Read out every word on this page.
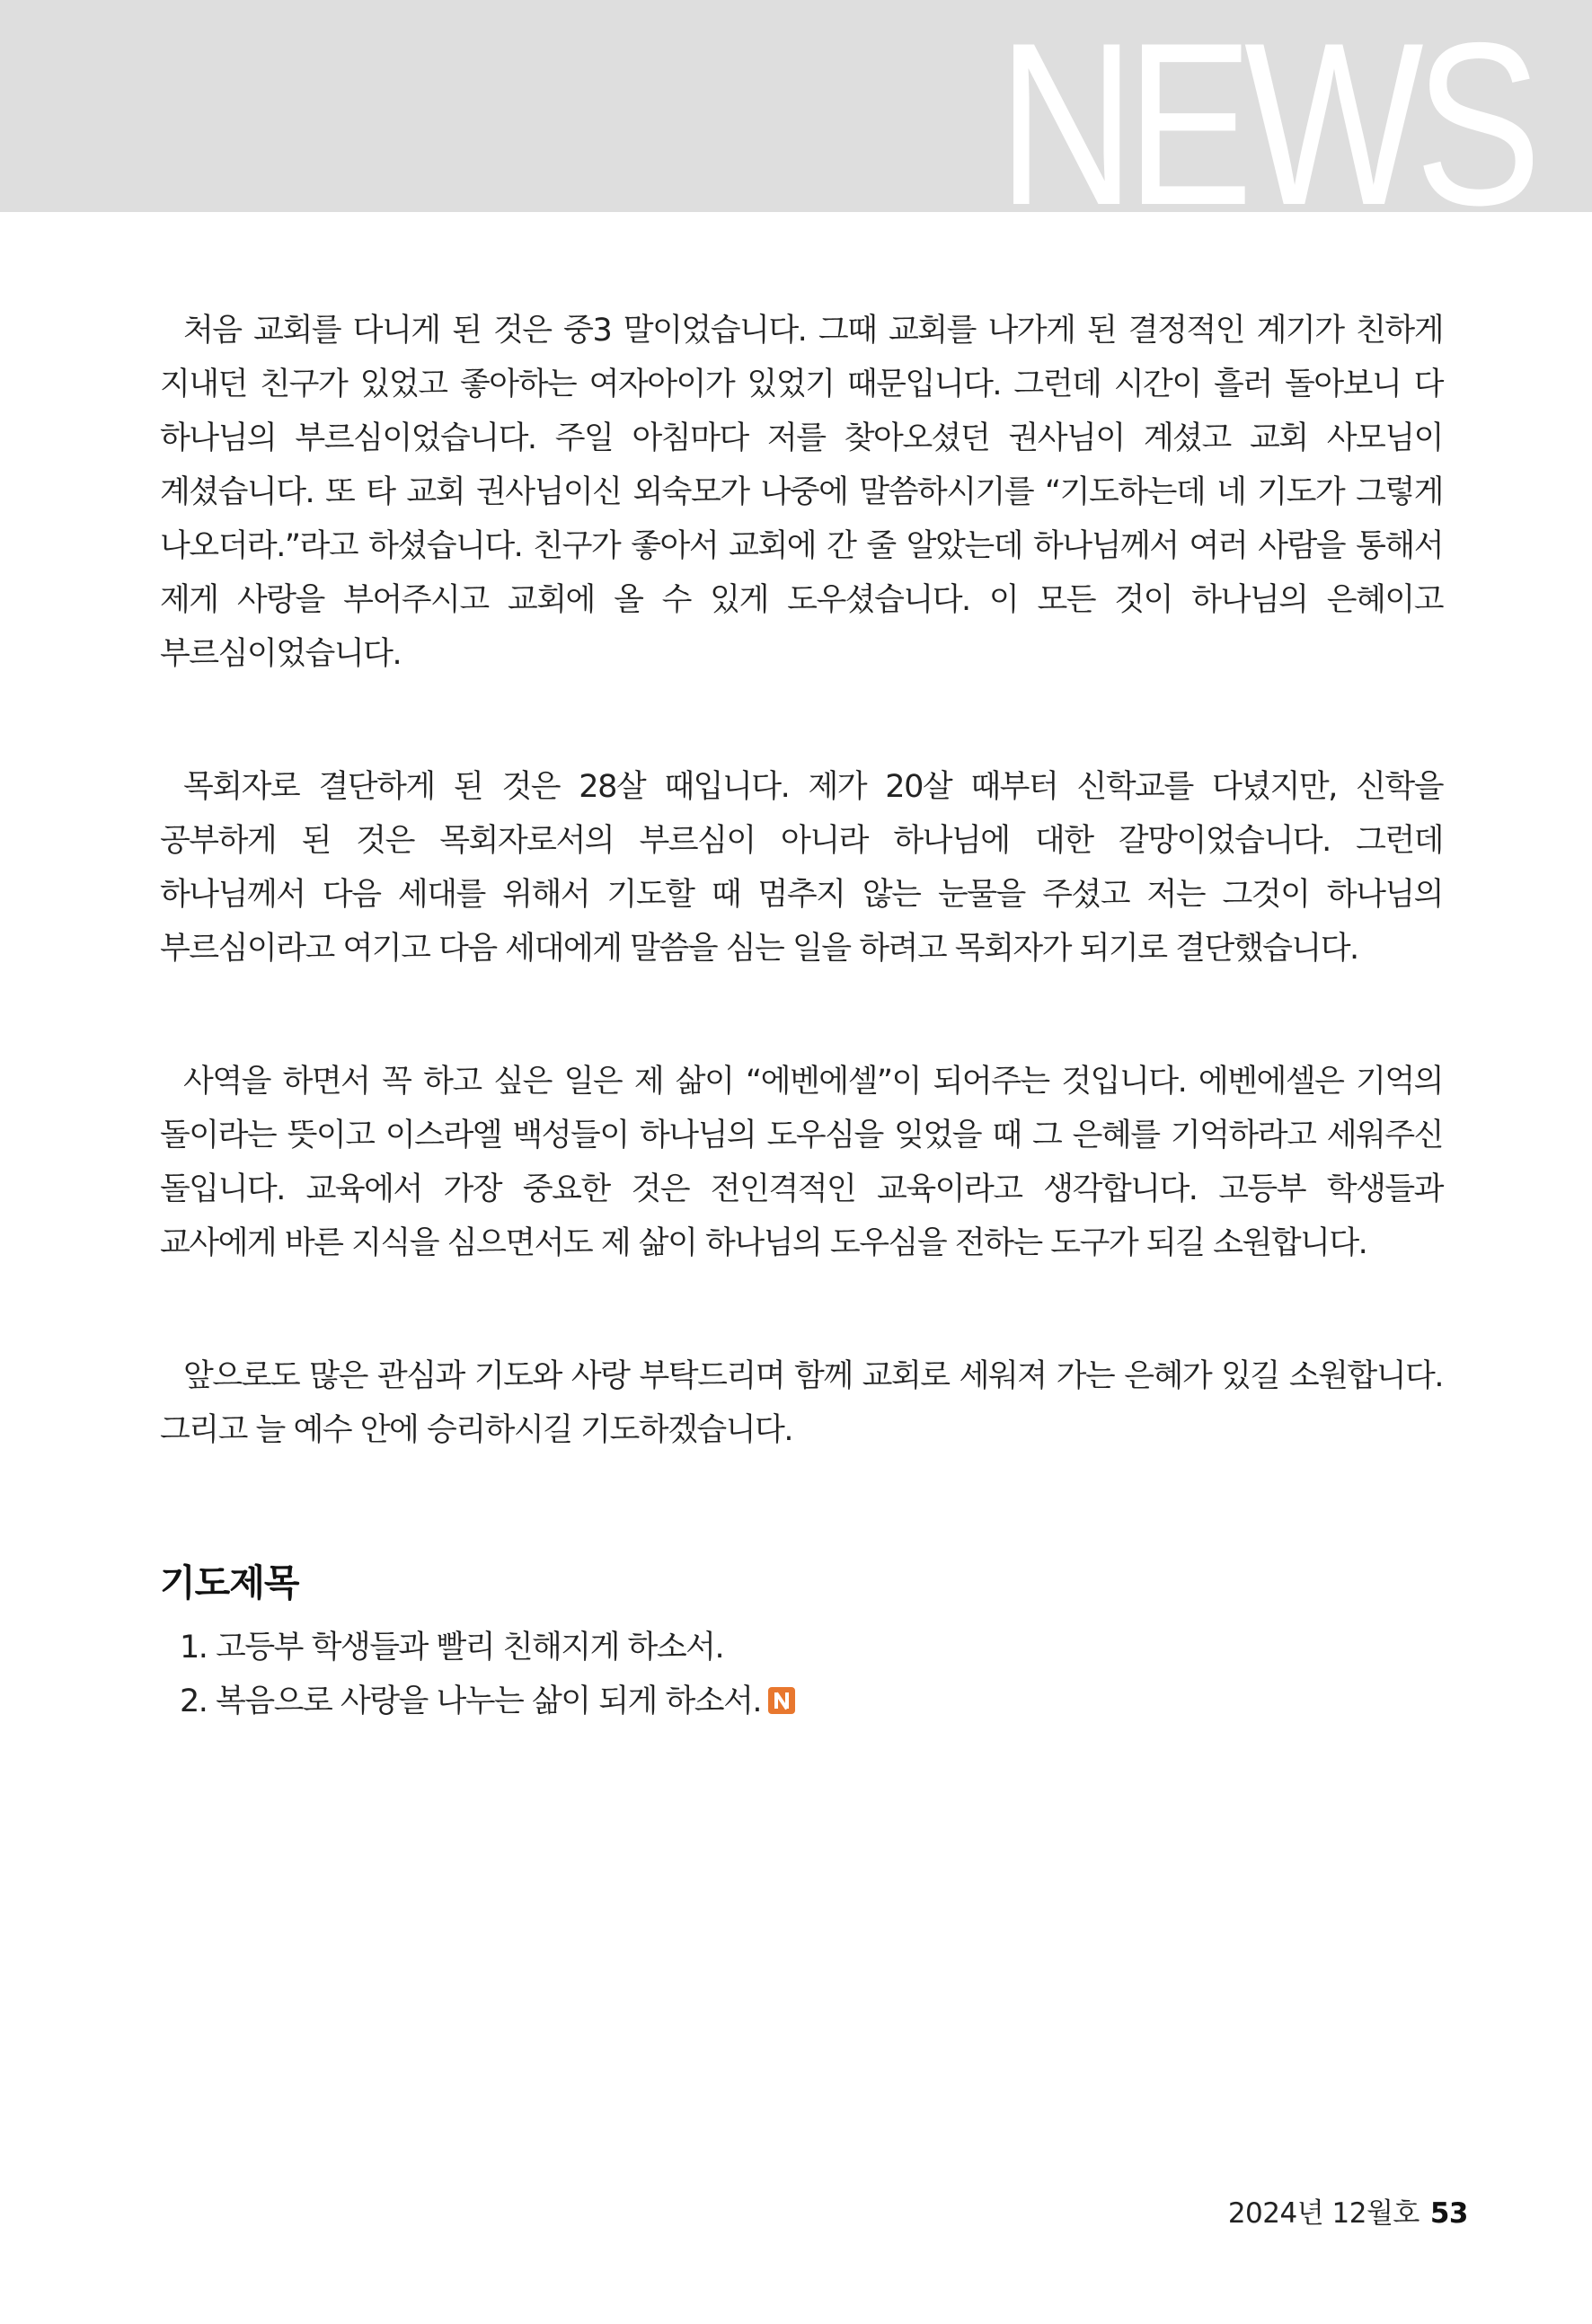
NEWS

처음 교회를 다니게 된 것은 중3 말이었습니다. 그때 교회를 나가게 된 결정적인 계기가 친하게 지내던 친구가 있었고 좋아하는 여자아이가 있었기 때문입니다. 그런데 시간이 흘러 돌아보니 다 하나님의 부르심이었습니다. 주일 아침마다 저를 찾아오셨던 권사님이 계셨고 교회 사모님이 계셨습니다. 또 타 교회 권사님이신 외숙모가 나중에 말씀하시기를 “기도하는데 네 기도가 그렇게 나오더라.”라고 하셨습니다. 친구가 좋아서 교회에 간 줄 알았는데 하나님께서 여러 사람을 통해서 제게 사랑을 부어주시고 교회에 올 수 있게 도우셨습니다. 이 모든 것이 하나님의 은혜이고 부르심이었습니다.

목회자로 결단하게 된 것은 28살 때입니다. 제가 20살 때부터 신학교를 다녔지만, 신학을 공부하게 된 것은 목회자로서의 부르심이 아니라 하나님에 대한 갈망이었습니다. 그런데 하나님께서 다음 세대를 위해서 기도할 때 멈추지 않는 눈물을 주셨고 저는 그것이 하나님의 부르심이라고 여기고 다음 세대에게 말씀을 심는 일을 하려고 목회자가 되기로 결단했습니다.

사역을 하면서 꼭 하고 싶은 일은 제 삶이 “에벤에셀”이 되어주는 것입니다. 에벤에셀은 기억의 돌이라는 뜻이고 이스라엘 백성들이 하나님의 도우심을 잊었을 때 그 은혜를 기억하라고 세워주신 돌입니다. 교육에서 가장 중요한 것은 전인격적인 교육이라고 생각합니다. 고등부 학생들과 교사에게 바른 지식을 심으면서도 제 삶이 하나님의 도우심을 전하는 도구가 되길 소원합니다.

앞으로도 많은 관심과 기도와 사랑 부탁드리며 함께 교회로 세워져 가는 은혜가 있길 소원합니다. 그리고 늘 예수 안에 승리하시길 기도하겠습니다.

기도제목
1. 고등부 학생들과 빨리 친해지게 하소서.
2. 복음으로 사랑을 나누는 삶이 되게 하소서.
2024년 12월호 53
